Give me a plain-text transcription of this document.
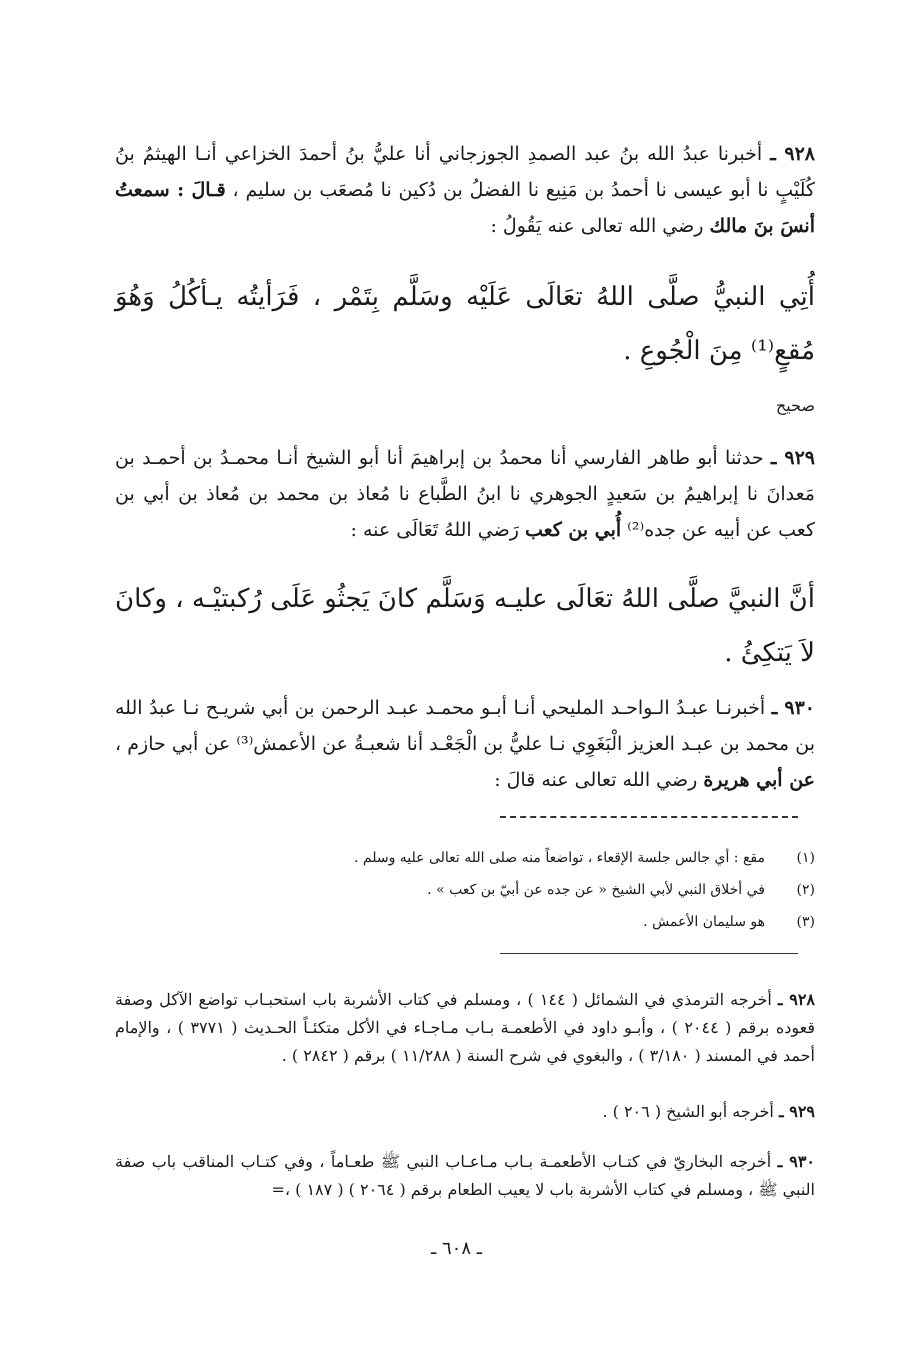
٩٢٨ ـ أخبرنا عبدُ الله بنُ عبد الصمدِ الجوزجاني أنا عليُّ بنُ أحمدَ الخزاعي أنـا الهيثمُ بنُ كُلَيْبٍ نا أبو عيسى نا أحمدُ بن مَنِيع نا الفضلُ بن دُكين نا مُصعَب بن سليم ، قـالَ : سمعتُ أنسَ بنَ مالك رضي الله تعالى عنه يَقُولُ :
أُتِي النبيُّ صلَّى اللهُ تعَالَى عَلَيْه وسَلَّم بِتَمْر ، فَرَأيتُه يـأكُلُ وَهُوَ مُقعٍ⁽¹⁾ مِنَ الْجُوعِ .
صحيح
٩٢٩ ـ حدثنا أبو طاهر الفارسي أنا محمدُ بن إبراهيمَ أنا أبو الشيخ أنـا محمـدُ بن أحمـد بن مَعدانَ نا إبراهيمُ بن سَعيدٍ الجوهري نا ابنُ الطَّباع نا مُعاذ بن محمد بن مُعاذ بن أبي بن كعب عن أبيه عن جده⁽²⁾ أُبي بن كعب رَضي اللهُ تَعَالَى عنه :
أنَّ النبيَّ صلَّى اللهُ تعَالَى عليـه وَسَلَّم كانَ يَجثُو عَلَى رُكبتيْـه ، وكانَ لاَ يَتكِئُ .
٩٣٠ ـ أخبرنـا عبـدُ الـواحـد المليحي أنـا أبـو محمـد عبـد الرحمن بن أبي شريـح نـا عبدُ الله بن محمد بن عبـد العزيز الْبَغَوِي نـا عليُّ بن الْجَعْـد أنا شعبـةُ عن الأعمش⁽³⁾ عن أبي حازم ، عن أبي هريرة رضي الله تعالى عنه قالَ :
(١)
مقع : أي جالس جلسة الإقعاء ، تواضعاً منه صلى الله تعالى عليه وسلم .
(٢)
في أخلاق النبي لأبي الشيخ « عن جده عن أبيّ بن كعب » .
(٣)
هو سليمان الأعمش .
٩٢٨ ـ أخرجه الترمذي في الشمائل ( ١٤٤ ) ، ومسلم في كتاب الأشربة باب استحبـاب تواضع الآكل وصفة قعوده برقم ( ٢٠٤٤ ) ، وأبـو داود في الأطعمـة بـاب مـاجـاء في الأكل متكئـاً الحـديث ( ٣٧٧١ ) ، والإمام أحمد في المسند ( ٣/١٨٠ ) ، والبغوي في شرح السنة ( ١١/٢٨٨ ) برقم ( ٢٨٤٢ ) .
٩٢٩ ـ أخرجه أبو الشيخ ( ٢٠٦ ) .
٩٣٠ ـ أخرجه البخاريّ في كتـاب الأطعمـة بـاب مـاعـاب النبي ﷺ طعـاماً ، وفي كتـاب المناقب باب صفة النبي ﷺ ، ومسلم في كتاب الأشربة باب لا يعيب الطعام برقم ( ٢٠٦٤ ) ( ١٨٧ ) ،=
ـ ٦٠٨ ـ
